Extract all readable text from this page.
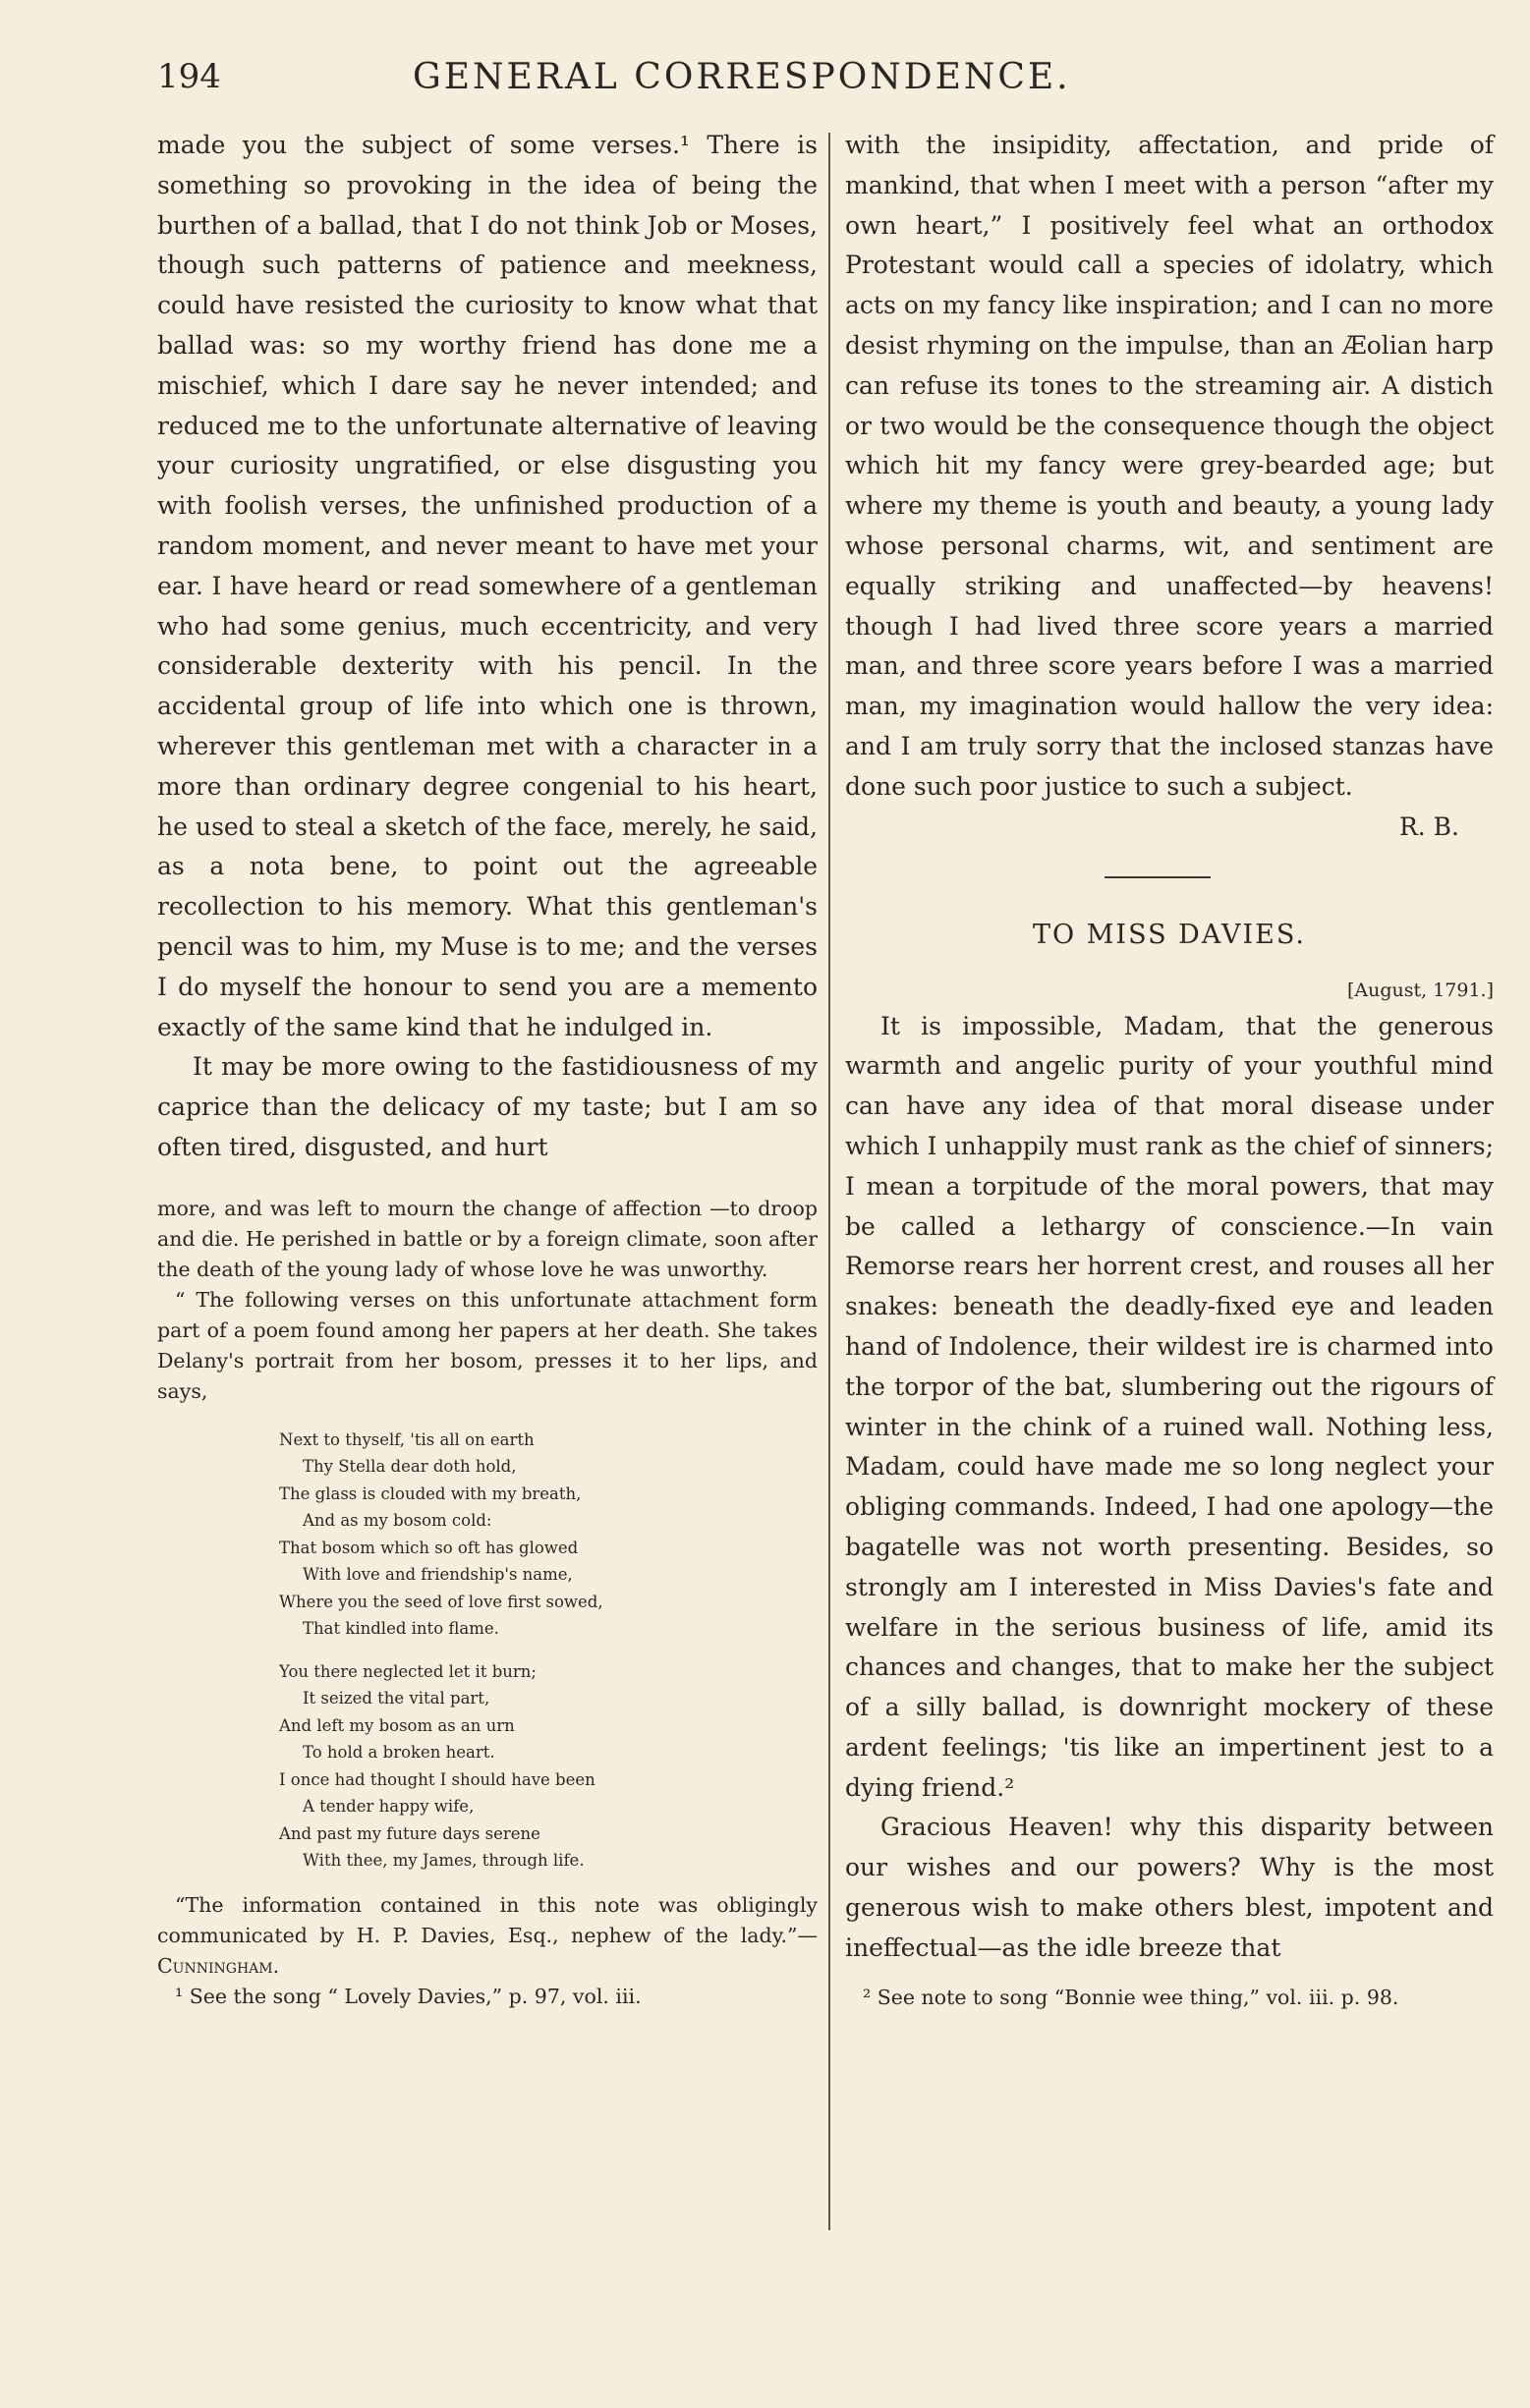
194	GENERAL CORRESPONDENCE.

made you the subject of some verses.¹ There is something so provoking in the idea of being the burthen of a ballad, that I do not think Job or Moses, though such patterns of patience and meekness, could have resisted the curiosity to know what that ballad was: so my worthy friend has done me a mischief, which I dare say he never intended; and reduced me to the unfortunate alternative of leaving your curiosity ungratified, or else disgusting you with foolish verses, the unfinished production of a random moment, and never meant to have met your ear. I have heard or read somewhere of a gentleman who had some genius, much eccentricity, and very considerable dexterity with his pencil. In the accidental group of life into which one is thrown, wherever this gentleman met with a character in a more than ordinary degree congenial to his heart, he used to steal a sketch of the face, merely, he said, as a nota bene, to point out the agreeable recollection to his memory. What this gentleman's pencil was to him, my Muse is to me; and the verses I do myself the honour to send you are a memento exactly of the same kind that he indulged in.

It may be more owing to the fastidiousness of my caprice than the delicacy of my taste; but I am so often tired, disgusted, and hurt

more, and was left to mourn the change of affection —to droop and die. He perished in battle or by a foreign climate, soon after the death of the young lady of whose love he was unworthy.

“ The following verses on this unfortunate attachment form part of a poem found among her papers at her death. She takes Delany's portrait from her bosom, presses it to her lips, and says,

Next to thyself, 'tis all on earth
Thy Stella dear doth hold,
The glass is clouded with my breath,
And as my bosom cold:
That bosom which so oft has glowed
With love and friendship's name,
Where you the seed of love first sowed,
That kindled into flame.
You there neglected let it burn;
It seized the vital part,
And left my bosom as an urn
To hold a broken heart.
I once had thought I should have been
A tender happy wife,
And past my future days serene
With thee, my James, through life.

“The information contained in this note was obligingly communicated by H. P. Davies, Esq., nephew of the lady.”—Cunningham.

¹ See the song “ Lovely Davies,” p. 97, vol. iii.

with the insipidity, affectation, and pride of mankind, that when I meet with a person “after my own heart,” I positively feel what an orthodox Protestant would call a species of idolatry, which acts on my fancy like inspiration; and I can no more desist rhyming on the impulse, than an Æolian harp can refuse its tones to the streaming air. A distich or two would be the consequence though the object which hit my fancy were grey-bearded age; but where my theme is youth and beauty, a young lady whose personal charms, wit, and sentiment are equally striking and unaffected—by heavens! though I had lived three score years a married man, and three score years before I was a married man, my imagination would hallow the very idea: and I am truly sorry that the inclosed stanzas have done such poor justice to such a subject.

R. B.

TO MISS DAVIES.

[August, 1791.]

It is impossible, Madam, that the generous warmth and angelic purity of your youthful mind can have any idea of that moral disease under which I unhappily must rank as the chief of sinners; I mean a torpitude of the moral powers, that may be called a lethargy of conscience.—In vain Remorse rears her horrent crest, and rouses all her snakes: beneath the deadly-fixed eye and leaden hand of Indolence, their wildest ire is charmed into the torpor of the bat, slumbering out the rigours of winter in the chink of a ruined wall. Nothing less, Madam, could have made me so long neglect your obliging commands. Indeed, I had one apology—the bagatelle was not worth presenting. Besides, so strongly am I interested in Miss Davies's fate and welfare in the serious business of life, amid its chances and changes, that to make her the subject of a silly ballad, is downright mockery of these ardent feelings; 'tis like an impertinent jest to a dying friend.²

Gracious Heaven! why this disparity between our wishes and our powers? Why is the most generous wish to make others blest, impotent and ineffectual—as the idle breeze that

² See note to song “Bonnie wee thing,” vol. iii. p. 98.
